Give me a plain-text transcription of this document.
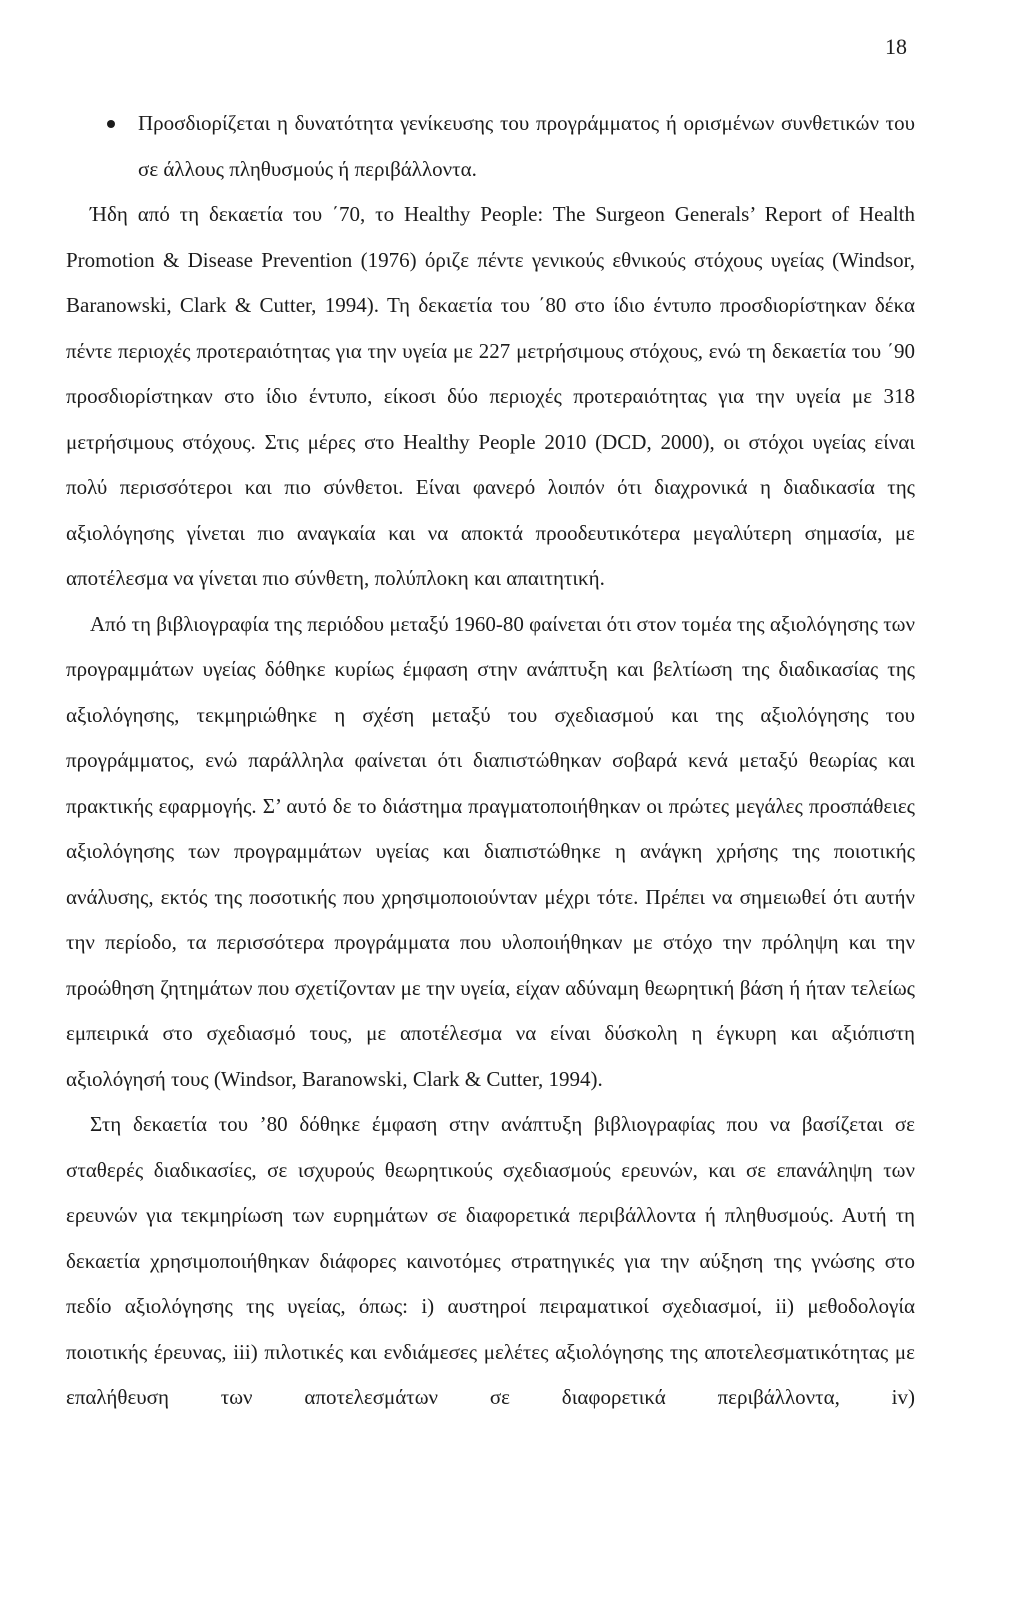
18
Προσδιορίζεται η δυνατότητα γενίκευσης του προγράμματος ή ορισμένων συνθετικών του σε άλλους πληθυσμούς ή περιβάλλοντα.

Ήδη από τη δεκαετία του ΄70, το Healthy People: The Surgeon Generals’ Report of Health Promotion & Disease Prevention (1976) όριζε πέντε γενικούς εθνικούς στόχους υγείας (Windsor, Baranowski, Clark & Cutter, 1994). Τη δεκαετία του ΄80 στο ίδιο έντυπο προσδιορίστηκαν δέκα πέντε περιοχές προτεραιότητας για την υγεία με 227 μετρήσιμους στόχους, ενώ τη δεκαετία του ΄90 προσδιορίστηκαν στο ίδιο έντυπο, είκοσι δύο περιοχές προτεραιότητας για την υγεία με 318 μετρήσιμους στόχους. Στις μέρες στο Healthy People 2010 (DCD, 2000), οι στόχοι υγείας είναι πολύ περισσότεροι και πιο σύνθετοι. Είναι φανερό λοιπόν ότι διαχρονικά η διαδικασία της αξιολόγησης γίνεται πιο αναγκαία και να αποκτά προοδευτικότερα μεγαλύτερη σημασία, με αποτέλεσμα να γίνεται πιο σύνθετη, πολύπλοκη και απαιτητική.

Από τη βιβλιογραφία της περιόδου μεταξύ 1960-80 φαίνεται ότι στον τομέα της αξιολόγησης των προγραμμάτων υγείας δόθηκε κυρίως έμφαση στην ανάπτυξη και βελτίωση της διαδικασίας της αξιολόγησης, τεκμηριώθηκε η σχέση μεταξύ του σχεδιασμού και της αξιολόγησης του προγράμματος, ενώ παράλληλα φαίνεται ότι διαπιστώθηκαν σοβαρά κενά μεταξύ θεωρίας και πρακτικής εφαρμογής. Σ’ αυτό δε το διάστημα πραγματοποιήθηκαν οι πρώτες μεγάλες προσπάθειες αξιολόγησης των προγραμμάτων υγείας και διαπιστώθηκε η ανάγκη χρήσης της ποιοτικής ανάλυσης, εκτός της ποσοτικής που χρησιμοποιούνταν μέχρι τότε. Πρέπει να σημειωθεί ότι αυτήν την περίοδο, τα περισσότερα προγράμματα που υλοποιήθηκαν με στόχο την πρόληψη και την προώθηση ζητημάτων που σχετίζονταν με την υγεία, είχαν αδύναμη θεωρητική βάση ή ήταν τελείως εμπειρικά στο σχεδιασμό τους, με αποτέλεσμα να είναι δύσκολη η έγκυρη και αξιόπιστη αξιολόγησή τους (Windsor, Baranowski, Clark & Cutter, 1994).

Στη δεκαετία του ’80 δόθηκε έμφαση στην ανάπτυξη βιβλιογραφίας που να βασίζεται σε σταθερές διαδικασίες, σε ισχυρούς θεωρητικούς σχεδιασμούς ερευνών, και σε επανάληψη των ερευνών για τεκμηρίωση των ευρημάτων σε διαφορετικά περιβάλλοντα ή πληθυσμούς. Αυτή τη δεκαετία χρησιμοποιήθηκαν διάφορες καινοτόμες στρατηγικές για την αύξηση της γνώσης στο πεδίο αξιολόγησης της υγείας, όπως: i) αυστηροί πειραματικοί σχεδιασμοί, ii) μεθοδολογία ποιοτικής έρευνας, iii) πιλοτικές και ενδιάμεσες μελέτες αξιολόγησης της αποτελεσματικότητας με επαλήθευση των αποτελεσμάτων σε διαφορετικά περιβάλλοντα, iv)
